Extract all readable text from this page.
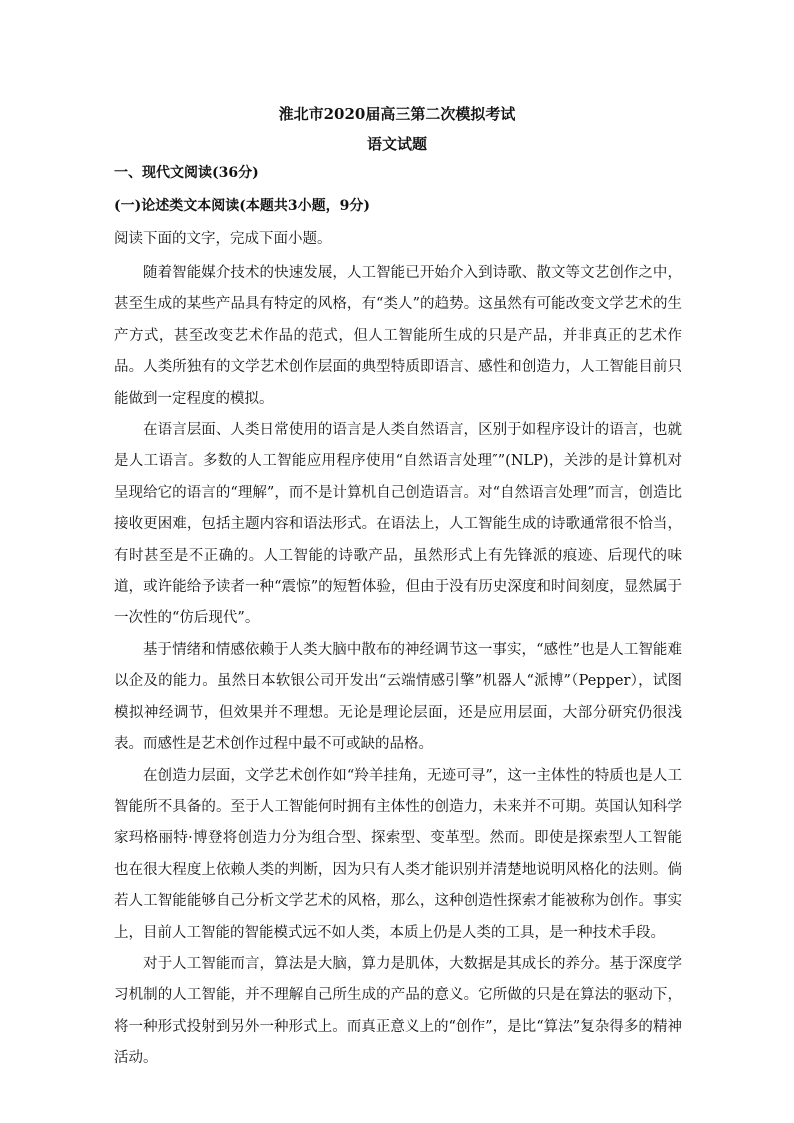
淮北市2020届高三第二次模拟考试
语文试题
一、现代文阅读(36分)
(一)论述类文本阅读(本题共3小题，9分)
阅读下面的文字，完成下面小题。

随着智能媒介技术的快速发展，人工智能已开始介入到诗歌、散文等文艺创作之中，甚至生成的某些产品具有特定的风格，有“类人”的趋势。这虽然有可能改变文学艺术的生产方式，甚至改变艺术作品的范式，但人工智能所生成的只是产品，并非真正的艺术作品。人类所独有的文学艺术创作层面的典型特质即语言、感性和创造力，人工智能目前只能做到一定程度的模拟。

在语言层面、人类日常使用的语言是人类自然语言，区别于如程序设计的语言，也就是人工语言。多数的人工智能应用程序使用“自然语言处理″”(NLP)，关涉的是计算机对呈现给它的语言的“理解”，而不是计算机自己创造语言。对“自然语言处理”而言，创造比接收更困难，包括主题内容和语法形式。在语法上，人工智能生成的诗歌通常很不恰当，有时甚至是不正确的。人工智能的诗歌产品，虽然形式上有先锋派的痕迹、后现代的味道，或许能给予读者一种“震惊”的短暂体验，但由于没有历史深度和时间刻度，显然属于一次性的“仿后现代”。

基于情绪和情感依赖于人类大脑中散布的神经调节这一事实，“感性”也是人工智能难以企及的能力。虽然日本软银公司开发出“云端情感引擎”机器人“派博”（Pepper），试图模拟神经调节，但效果并不理想。无论是理论层面，还是应用层面，大部分研究仍很浅表。而感性是艺术创作过程中最不可或缺的品格。

在创造力层面，文学艺术创作如“羚羊挂角，无迹可寻”，这一主体性的特质也是人工智能所不具备的。至于人工智能何时拥有主体性的创造力，未来并不可期。英国认知科学家玛格丽特·博登将创造力分为组合型、探索型、变革型。然而。即使是探索型人工智能也在很大程度上依赖人类的判断，因为只有人类才能识别并清楚地说明风格化的法则。倘若人工智能能够自己分析文学艺术的风格，那么，这种创造性探索才能被称为创作。事实上，目前人工智能的智能模式远不如人类，本质上仍是人类的工具，是一种技术手段。

对于人工智能而言，算法是大脑，算力是肌体，大数据是其成长的养分。基于深度学习机制的人工智能，并不理解自己所生成的产品的意义。它所做的只是在算法的驱动下，将一种形式投射到另外一种形式上。而真正意义上的“创作”，是比“算法”复杂得多的精神活动。
